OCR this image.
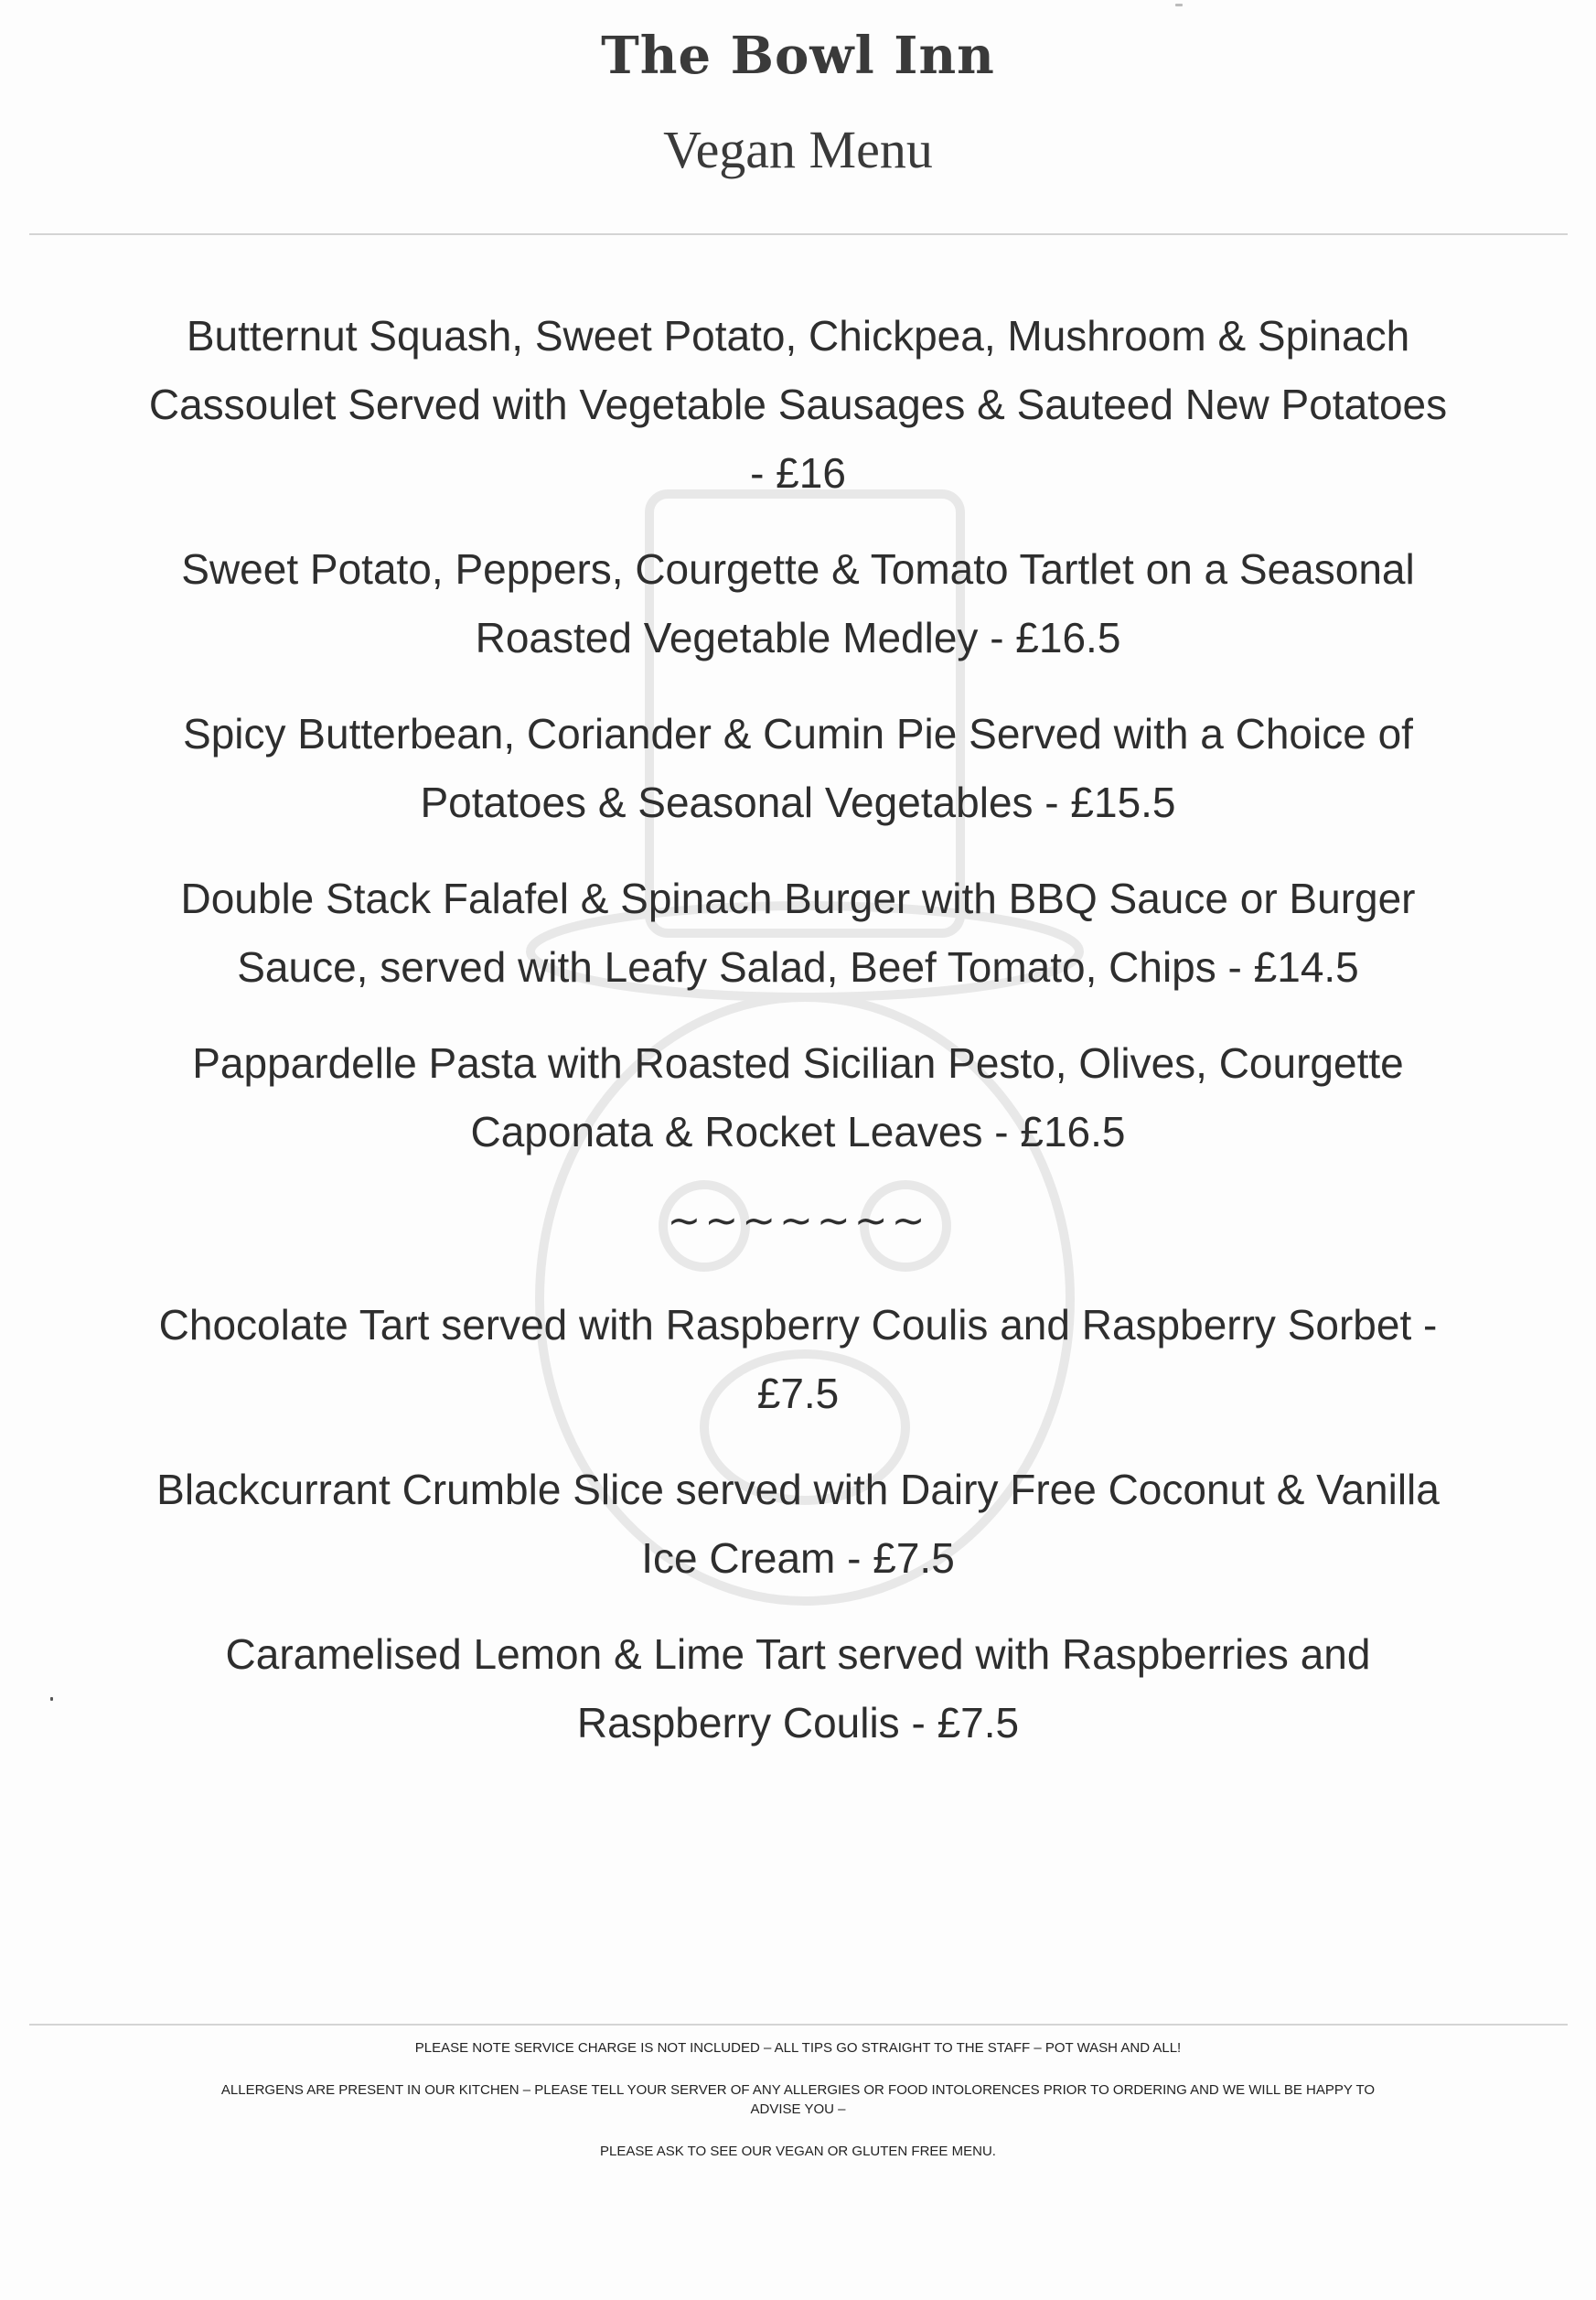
The Bowl Inn
Vegan Menu
Butternut Squash, Sweet Potato, Chickpea, Mushroom & Spinach Cassoulet Served with Vegetable Sausages & Sauteed New Potatoes - £16
Sweet Potato, Peppers, Courgette & Tomato Tartlet on a Seasonal Roasted Vegetable Medley - £16.5
Spicy Butterbean, Coriander & Cumin Pie Served with a Choice of Potatoes & Seasonal Vegetables - £15.5
Double Stack Falafel & Spinach Burger with BBQ Sauce or Burger Sauce, served with Leafy Salad, Beef Tomato, Chips - £14.5
Pappardelle Pasta with Roasted Sicilian Pesto, Olives, Courgette Caponata & Rocket Leaves - £16.5
~~~~~~~
Chocolate Tart served with Raspberry Coulis and Raspberry Sorbet - £7.5
Blackcurrant Crumble Slice served with Dairy Free Coconut & Vanilla Ice Cream - £7.5
Caramelised Lemon & Lime Tart served with Raspberries and Raspberry Coulis - £7.5

PLEASE NOTE SERVICE CHARGE IS NOT INCLUDED – ALL TIPS GO STRAIGHT TO THE STAFF – POT WASH AND ALL!

ALLERGENS ARE PRESENT IN OUR KITCHEN – PLEASE TELL YOUR SERVER OF ANY ALLERGIES OR FOOD INTOLORENCES PRIOR TO ORDERING AND WE WILL BE HAPPY TO ADVISE YOU –

PLEASE ASK TO SEE OUR VEGAN OR GLUTEN FREE MENU.
